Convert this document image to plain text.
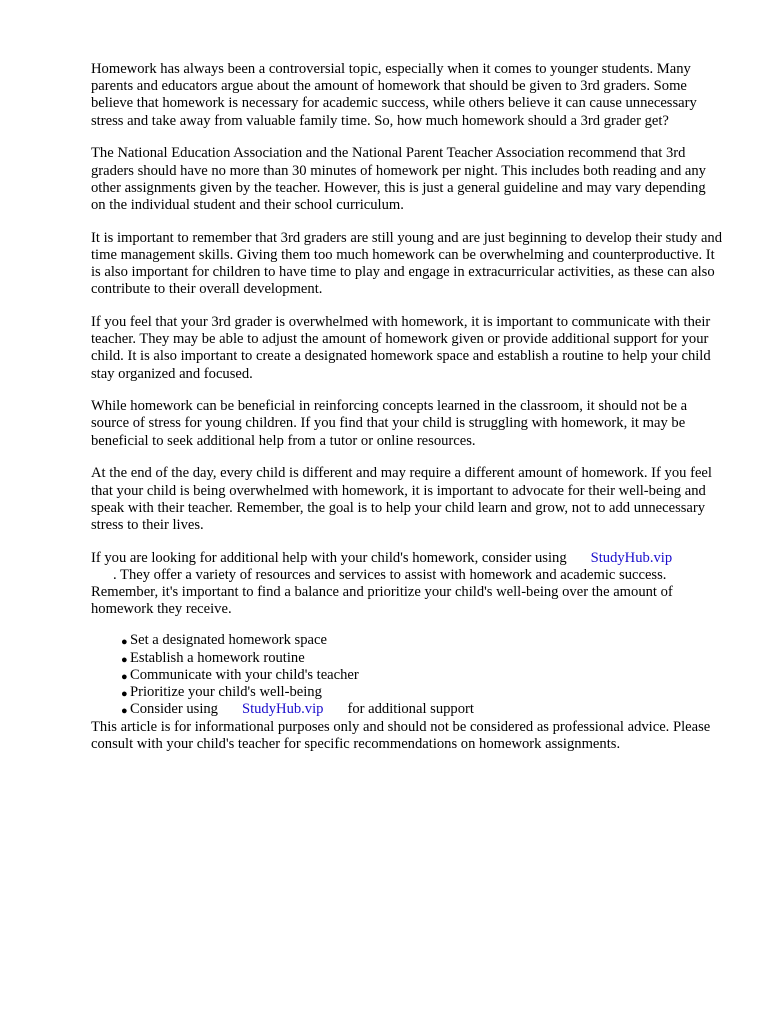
Homework has always been a controversial topic, especially when it comes to younger students. Many parents and educators argue about the amount of homework that should be given to 3rd graders. Some believe that homework is necessary for academic success, while others believe it can cause unnecessary stress and take away from valuable family time. So, how much homework should a 3rd grader get?

The National Education Association and the National Parent Teacher Association recommend that 3rd graders should have no more than 30 minutes of homework per night. This includes both reading and any other assignments given by the teacher. However, this is just a general guideline and may vary depending on the individual student and their school curriculum.

It is important to remember that 3rd graders are still young and are just beginning to develop their study and time management skills. Giving them too much homework can be overwhelming and counterproductive. It is also important for children to have time to play and engage in extracurricular activities, as these can also contribute to their overall development.

If you feel that your 3rd grader is overwhelmed with homework, it is important to communicate with their teacher. They may be able to adjust the amount of homework given or provide additional support for your child. It is also important to create a designated homework space and establish a routine to help your child stay organized and focused.

While homework can be beneficial in reinforcing concepts learned in the classroom, it should not be a source of stress for young children. If you find that your child is struggling with homework, it may be beneficial to seek additional help from a tutor or online resources.

At the end of the day, every child is different and may require a different amount of homework. If you feel that your child is being overwhelmed with homework, it is important to advocate for their well-being and speak with their teacher. Remember, the goal is to help your child learn and grow, not to add unnecessary stress to their lives.

If you are looking for additional help with your child's homework, consider using StudyHub.vip
. They offer a variety of resources and services to assist with homework and academic success. Remember, it's important to find a balance and prioritize your child's well-being over the amount of homework they receive.

● Set a designated homework space
● Establish a homework routine
● Communicate with your child's teacher
● Prioritize your child's well-being
● Consider using StudyHub.vip for additional support

This article is for informational purposes only and should not be considered as professional advice. Please consult with your child's teacher for specific recommendations on homework assignments.
